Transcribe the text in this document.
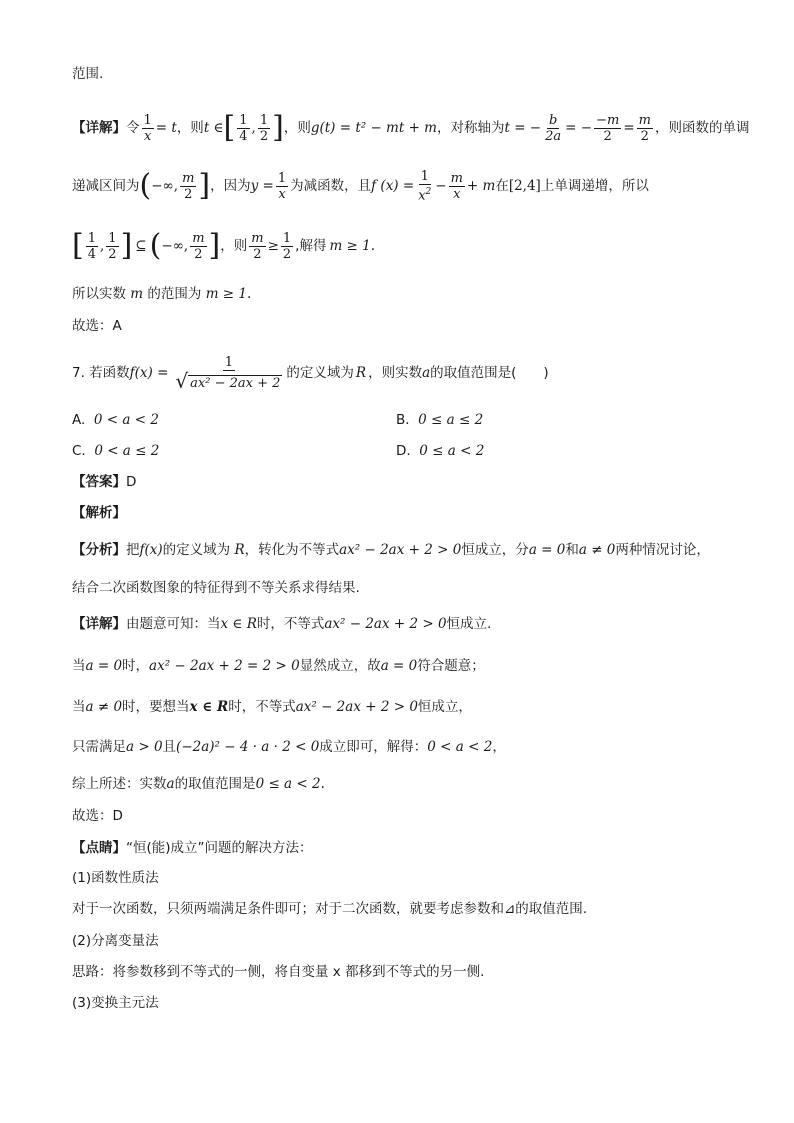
范围.
【详解】 令 $\frac{1}{x} = t$ ，则 t ∈ [ $\frac{1}{4}$ , $\frac{1}{2}$ ] ，则 g(t) = t² − mt + m ，对称轴为 t = − $\frac{b}{2a}$ = − $\frac{-m}{2} = \frac{m}{2}$ ，则函数的单调
递减区间为 ( −∞, $\frac{m}{2}$ ] ，因为 $y = \frac{1}{x}$ 为减函数，且 f $(x) = \frac{1}{x^2} - \frac{m}{x} + m$ 在 [2,4] 上单调递增，所以
[ $\frac{1}{4}$ , $\frac{1}{2}$ ] ⊆ ( −∞, $\frac{m}{2}$ ] ，则 $\frac{m}{2} \ge \frac{1}{2}$ ,解得 m ≥ 1.
所以实数 m 的范围为 m ≥ 1.
故选：A
7. 若函数 $f(x) = \frac{1}{\text{√ ax² − 2ax + 2}}$ 的定义域为 R ，则实数 a 的取值范围是(　　)
A. 0 < a < 2	B. 0 ≤ a ≤ 2
C. 0 < a ≤ 2	D. 0 ≤ a < 2
【答案】D
【解析】
【分析】把f(x)的定义域为 R，转化为不等式ax² − 2ax + 2 > 0恒成立，分a = 0和a ≠ 0两种情况讨论，
结合二次函数图象的特征得到不等关系求得结果.
【详解】由题意可知：当x ∈ R时，不等式ax² − 2ax + 2 > 0恒成立.
当a = 0时，ax² − 2ax + 2 = 2 > 0显然成立，故a = 0符合题意；
当a ≠ 0时，要想当x ∈ R时，不等式ax² − 2ax + 2 > 0恒成立，
只需满足a > 0且(−2a)² − 4 · a · 2 < 0成立即可，解得：0 < a < 2，
综上所述：实数a的取值范围是0 ≤ a < 2.
故选：D
【点睛】“恒(能)成立”问题的解决方法：
(1)函数性质法
对于一次函数，只须两端满足条件即可；对于二次函数，就要考虑参数和⊿的取值范围.
(2)分离变量法
思路：将参数移到不等式的一侧，将自变量 x 都移到不等式的另一侧.
(3)变换主元法
